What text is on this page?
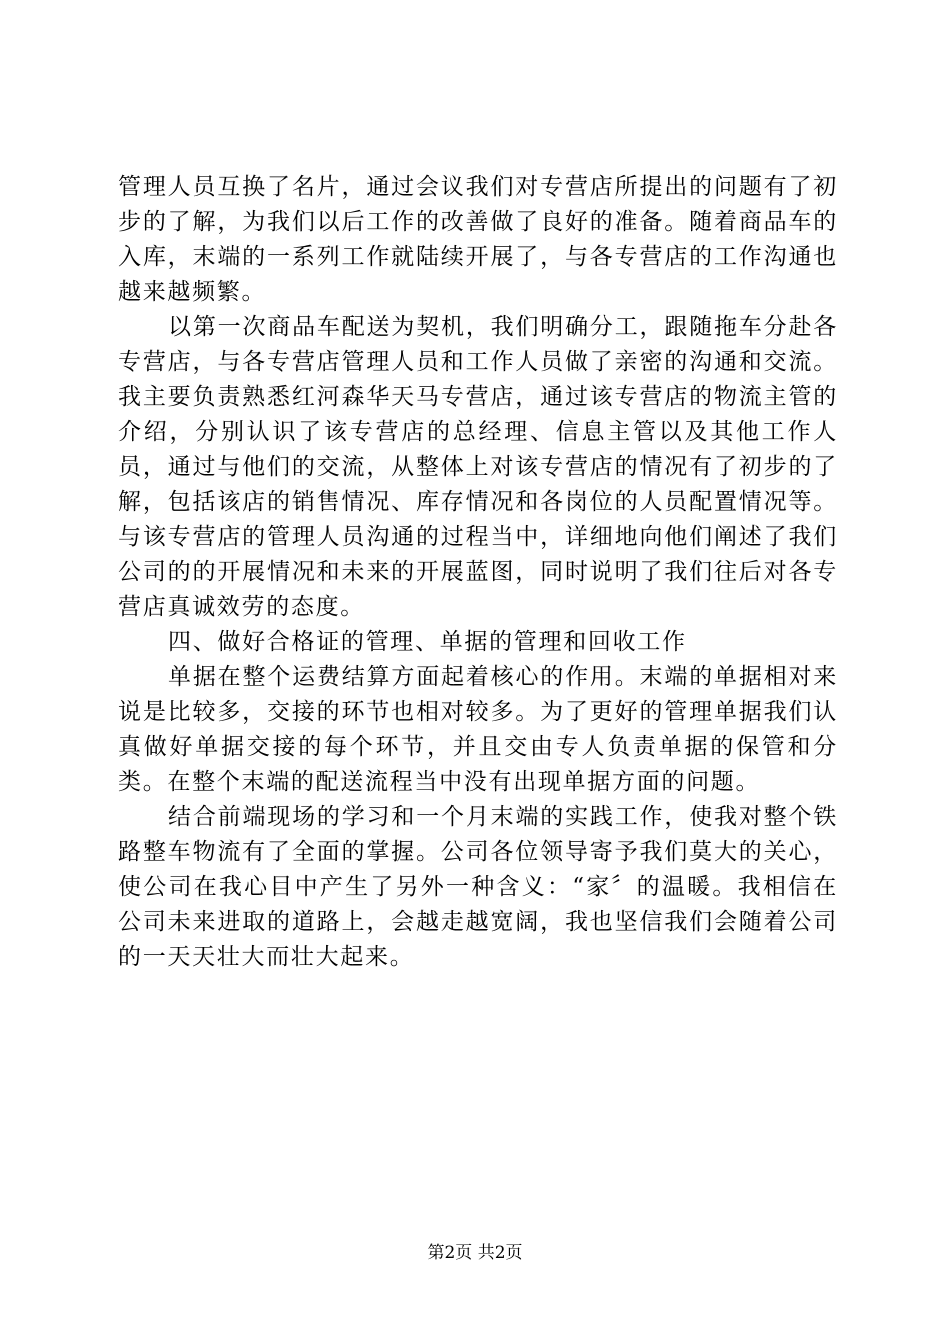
管理人员互换了名片，通过会议我们对专营店所提出的问题有了初步的了解，为我们以后工作的改善做了良好的准备。随着商品车的入库，末端的一系列工作就陆续开展了，与各专营店的工作沟通也越来越频繁。

以第一次商品车配送为契机，我们明确分工，跟随拖车分赴各专营店，与各专营店管理人员和工作人员做了亲密的沟通和交流。我主要负责熟悉红河森华天马专营店，通过该专营店的物流主管的介绍，分别认识了该专营店的总经理、信息主管以及其他工作人员，通过与他们的交流，从整体上对该专营店的情况有了初步的了解，包括该店的销售情况、库存情况和各岗位的人员配置情况等。与该专营店的管理人员沟通的过程当中，详细地向他们阐述了我们公司的的开展情况和未来的开展蓝图，同时说明了我们往后对各专营店真诚效劳的态度。

四、做好合格证的管理、单据的管理和回收工作

单据在整个运费结算方面起着核心的作用。末端的单据相对来说是比较多，交接的环节也相对较多。为了更好的管理单据我们认真做好单据交接的每个环节，并且交由专人负责单据的保管和分类。在整个末端的配送流程当中没有出现单据方面的问题。

结合前端现场的学习和一个月末端的实践工作，使我对整个铁路整车物流有了全面的掌握。公司各位领导寄予我们莫大的关心，使公司在我心目中产生了另外一种含义：“家〞的温暖。我相信在公司未来进取的道路上，会越走越宽阔，我也坚信我们会随着公司的一天天壮大而壮大起来。

第2页 共2页
